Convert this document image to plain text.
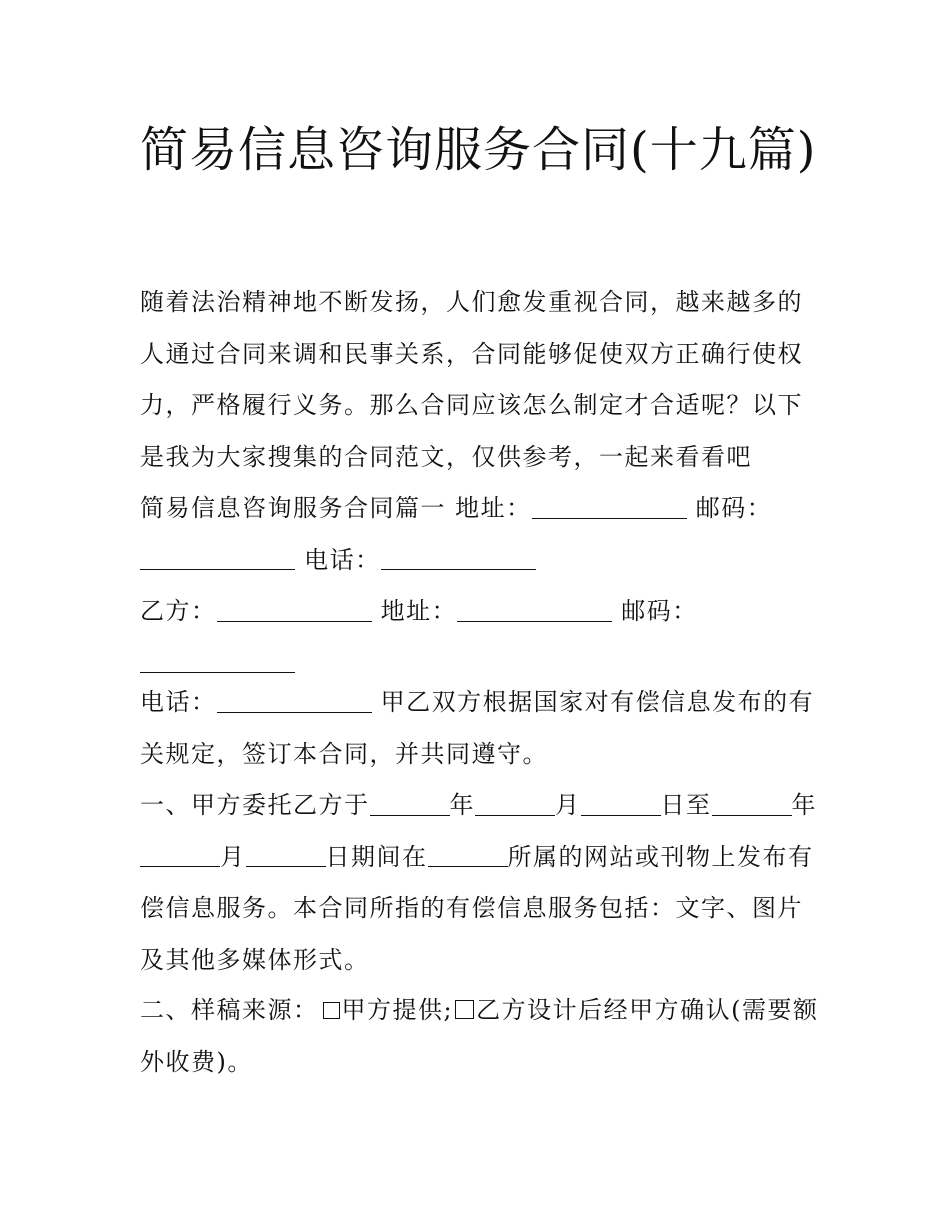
简易信息咨询服务合同(十九篇)

随着法治精神地不断发扬，人们愈发重视合同，越来越多的人通过合同来调和民事关系，合同能够促使双方正确行使权力，严格履行义务。那么合同应该怎么制定才合适呢？以下是我为大家搜集的合同范文，仅供参考，一起来看看吧

简易信息咨询服务合同篇一 地址：	邮码：
电话：

乙方：	地址：	邮码：

电话：	甲乙双方根据国家对有偿信息发布的有关规定，签订本合同，并共同遵守。

一、甲方委托乙方于	年	月	日至	年月	日期间在	所属的网站或刊物上发布有偿信息服务。本合同所指的有偿信息服务包括：文字、图片及其他多媒体形式。

二、样稿来源： 甲方提供; 乙方设计后经甲方确认(需要额外收费)。
